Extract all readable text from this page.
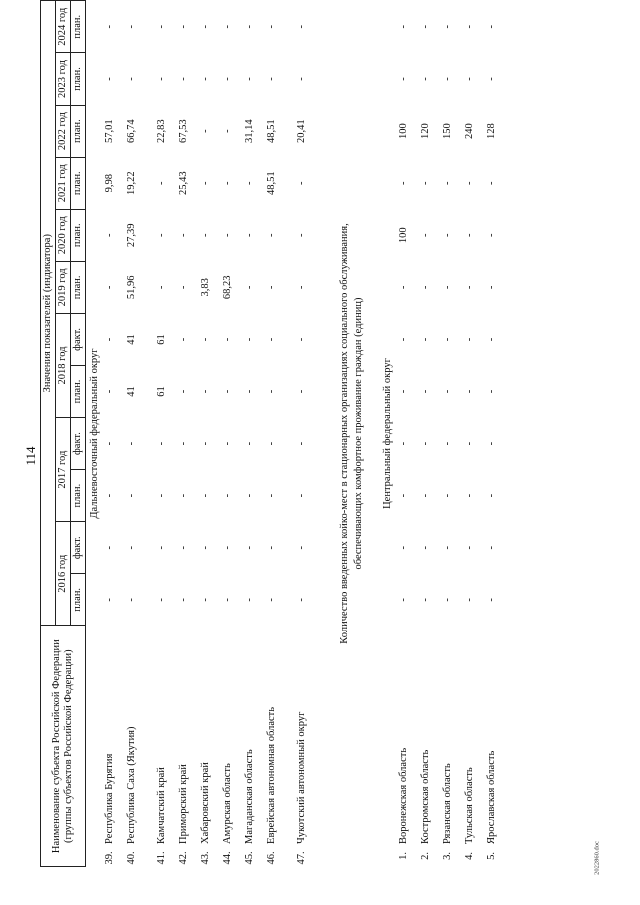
114
2022860.doc
Наименование субъекта Российской Федерации (группы субъектов Российской Федерации)		Значения показателей (индикатора)											
		2016 год		2017 год		2018 год		2019 год	2020 год	2021 год	2022 год	2023 год	2024 год
		план.	факт.	план.	факт.	план.	факт.	план.	план.	план.	план.	план.	план.
Дальневосточный федеральный округ													
39.	Республика Бурятия	-	-	-	-	-	-	-	-	9,98	57,01	-	-
40.	Республика Саха (Якутия)	-	-	-	-	41	41	51,96	27,39	19,22	66,74	-	-
41.	Камчатский край	-	-	-	-	61	61	-	-	-	22,83	-	-
42.	Приморский край	-	-	-	-	-	-	-	-	25,43	67,53	-	-
43.	Хабаровский край	-	-	-	-	-	-	3,83	-	-	-	-	-
44.	Амурская область	-	-	-	-	-	-	68,23	-	-	-	-	-
45.	Магаданская область	-	-	-	-	-	-	-	-	-	31,14	-	-
46.	Еврейская автономная область	-	-	-	-	-	-	-	-	48,51	48,51	-	-
47.	Чукотский автономный округ	-	-	-	-	-	-	-	-	-	20,41	-	-
Количество введенных койко-мест в стационарных организациях социального обслуживания, обеспечивающих комфортное проживание граждан (единиц)													
Центральный федеральный округ													
1.	Воронежская область	-	-	-	-	-	-	-	100	-	100	-	-
2.	Костромская область	-	-	-	-	-	-	-	-	-	120	-	-
3.	Рязанская область	-	-	-	-	-	-	-	-	-	150	-	-
4.	Тульская область	-	-	-	-	-	-	-	-	-	240	-	-
5.	Ярославская область	-	-	-	-	-	-	-	-	-	128	-	-
